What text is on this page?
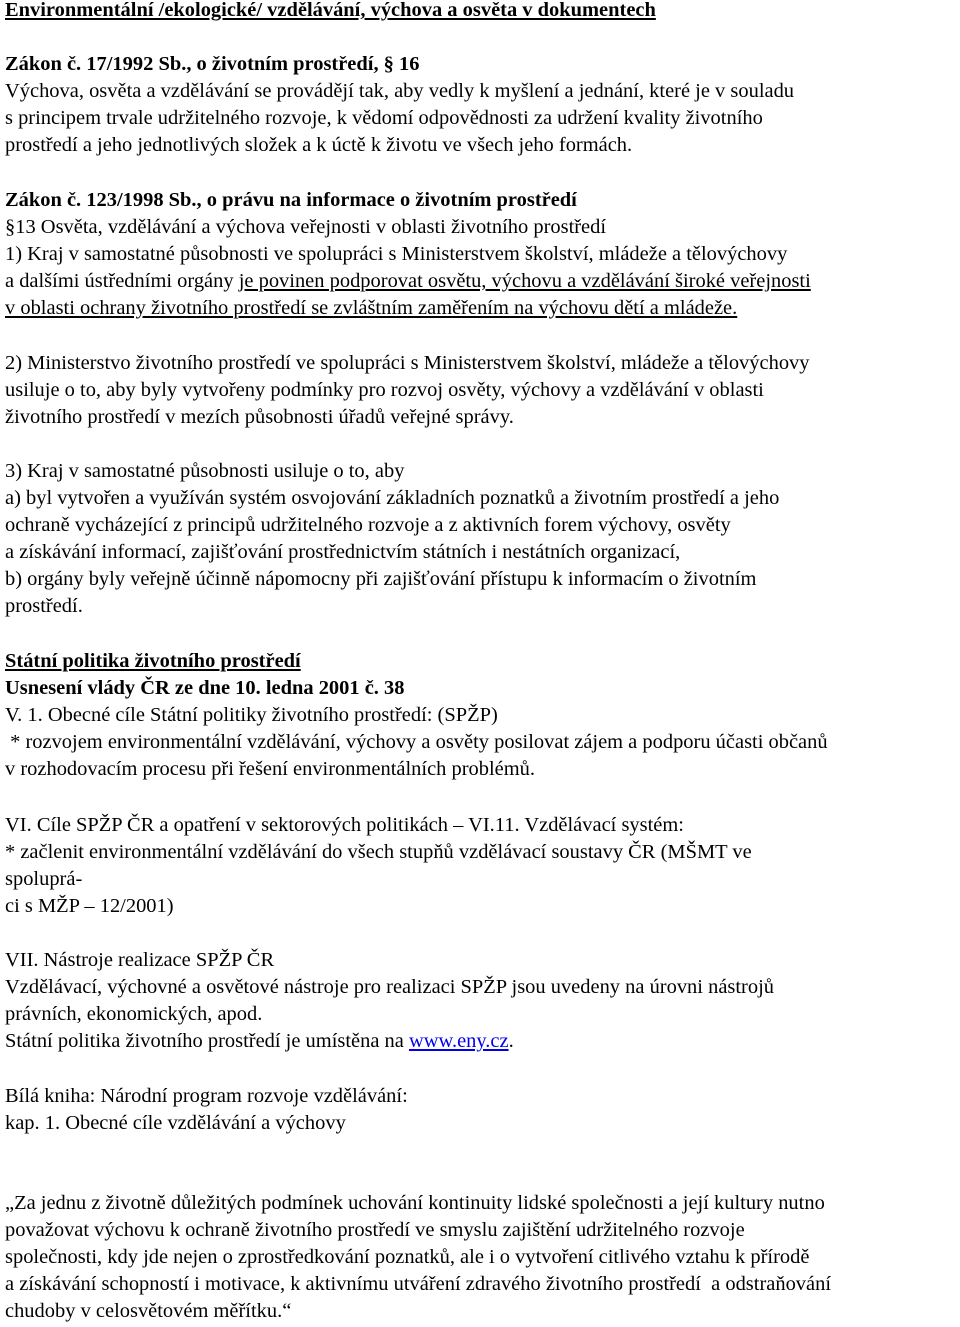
Environmentální /ekologické/ vzdělávání, výchova a osvěta v dokumentech
Zákon č. 17/1992 Sb., o životním prostředí, § 16
Výchova, osvěta a vzdělávání se provádějí tak, aby vedly k myšlení a jednání, které je v souladu
s principem trvale udržitelného rozvoje, k vědomí odpovědnosti za udržení kvality životního
prostředí a jeho jednotlivých složek a k úctě k životu ve všech jeho formách.
Zákon č. 123/1998 Sb., o právu na informace o životním prostředí
§13 Osvěta, vzdělávání a výchova veřejnosti v oblasti životního prostředí
1) Kraj v samostatné působnosti ve spolupráci s Ministerstvem školství, mládeže a tělovýchovy
a dalšími ústředními orgány je povinen podporovat osvětu, výchovu a vzdělávání široké veřejnosti
v oblasti ochrany životního prostředí se zvláštním zaměřením na výchovu dětí a mládeže.
2) Ministerstvo životního prostředí ve spolupráci s Ministerstvem školství, mládeže a tělovýchovy
usiluje o to, aby byly vytvořeny podmínky pro rozvoj osvěty, výchovy a vzdělávání v oblasti
životního prostředí v mezích působnosti úřadů veřejné správy.
3) Kraj v samostatné působnosti usiluje o to, aby
a) byl vytvořen a využíván systém osvojování základních poznatků a životním prostředí a jeho
ochraně vycházející z principů udržitelného rozvoje a z aktivních forem výchovy, osvěty
a získávání informací, zajišťování prostřednictvím státních i nestátních organizací,
b) orgány byly veřejně účinně nápomocny při zajišťování přístupu k informacím o životním
prostředí.
Státní politika životního prostředí
Usnesení vlády ČR ze dne 10. ledna 2001 č. 38
V. 1. Obecné cíle Státní politiky životního prostředí: (SPŽP)
* rozvojem environmentální vzdělávání, výchovy a osvěty posilovat zájem a podporu účasti občanů
v rozhodovacím procesu při řešení environmentálních problémů.
VI. Cíle SPŽP ČR a opatření v sektorových politikách – VI.11. Vzdělávací systém:
* začlenit environmentální vzdělávání do všech stupňů vzdělávací soustavy ČR (MŠMT ve
spoluprá-
ci s MŽP – 12/2001)
VII. Nástroje realizace SPŽP ČR
Vzdělávací, výchovné a osvětové nástroje pro realizaci SPŽP jsou uvedeny na úrovni nástrojů
právních, ekonomických, apod.
Státní politika životního prostředí je umístěna na www.eny.cz.
Bílá kniha: Národní program rozvoje vzdělávání:
kap. 1. Obecné cíle vzdělávání a výchovy
„Za jednu z životně důležitých podmínek uchování kontinuity lidské společnosti a její kultury nutno
považovat výchovu k ochraně životního prostředí ve smyslu zajištění udržitelného rozvoje
společnosti, kdy jde nejen o zprostředkování poznatků, ale i o vytvoření citlivého vztahu k přírodě
a získávání schopností i motivace, k aktivnímu utváření zdravého životního prostředí  a odstraňování
chudoby v celosvětovém měřítku.“
